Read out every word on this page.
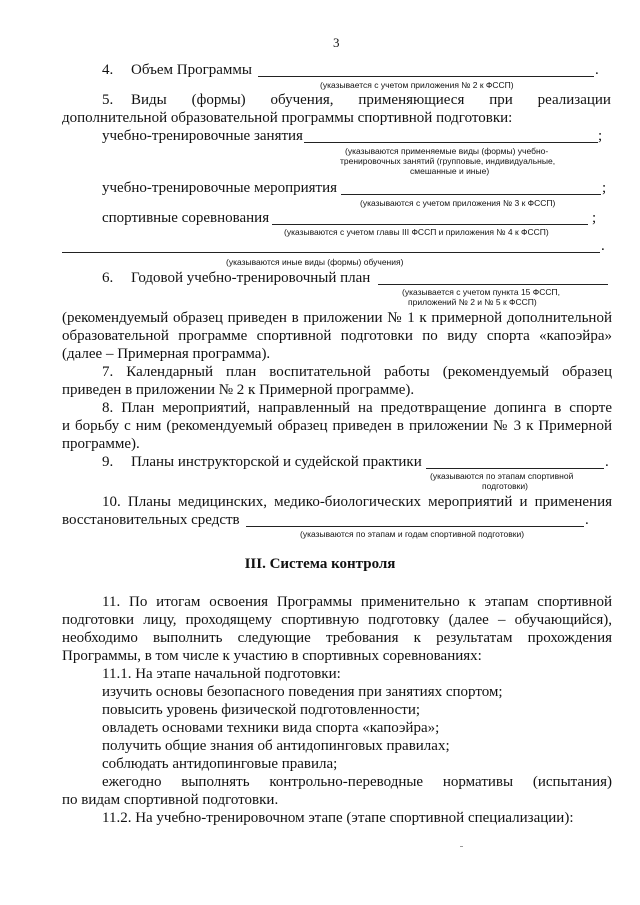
3
4. Объем Программы	.
(указывается с учетом приложения № 2 к ФССП)
5. Виды (формы) обучения, применяющиеся при реализации
дополнительной образовательной программы спортивной подготовки:
учебно-тренировочные занятия	;
(указываются применяемые виды (формы) учебно-
тренировочных занятий (групповые, индивидуальные,
смешанные и иные)
учебно-тренировочные мероприятия	;
(указываются с учетом приложения № 3 к ФССП)
спортивные соревнования	;
(указываются с учетом главы III ФССП и приложения № 4 к ФССП)
.
(указываются иные виды (формы) обучения)
6. Годовой учебно-тренировочный план
(указывается с учетом пункта 15 ФССП,
приложений № 2 и № 5 к ФССП)
(рекомендуемый образец приведен в приложении № 1 к примерной дополнительной
образовательной программе спортивной подготовки по виду спорта «капоэйра»
(далее – Примерная программа).
7. Календарный план воспитательной работы (рекомендуемый образец
приведен в приложении № 2 к Примерной программе).
8. План мероприятий, направленный на предотвращение допинга в спорте
и борьбу с ним (рекомендуемый образец приведен в приложении № 3 к Примерной
программе).
9. Планы инструкторской и судейской практики	.
(указываются по этапам спортивной
подготовки)
10. Планы медицинских, медико-биологических мероприятий и применения
восстановительных средств	.
(указываются по этапам и годам спортивной подготовки)
III. Система контроля
11. По итогам освоения Программы применительно к этапам спортивной
подготовки лицу, проходящему спортивную подготовку (далее – обучающийся),
необходимо выполнить следующие требования к результатам прохождения
Программы, в том числе к участию в спортивных соревнованиях:
11.1. На этапе начальной подготовки:
изучить основы безопасного поведения при занятиях спортом;
повысить уровень физической подготовленности;
овладеть основами техники вида спорта «капоэйра»;
получить общие знания об антидопинговых правилах;
соблюдать антидопинговые правила;
ежегодно выполнять контрольно-переводные нормативы (испытания)
по видам спортивной подготовки.
11.2. На учебно-тренировочном этапе (этапе спортивной специализации):
